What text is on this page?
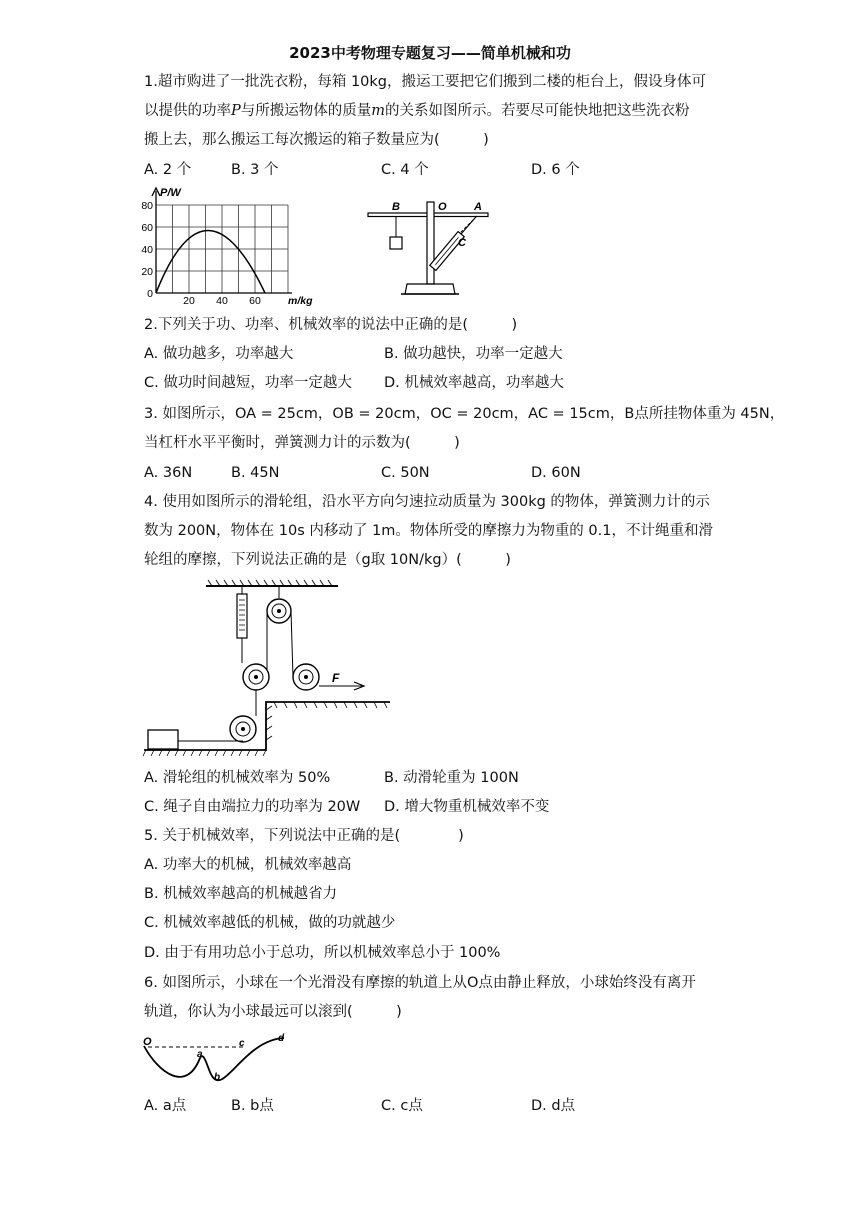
2023中考物理专题复习——简单机械和功
1.超市购进了一批洗衣粉，每箱 10kg，搬运工要把它们搬到二楼的柜台上，假设身体可
以提供的功率P与所搬运物体的质量m的关系如图所示。若要尽可能快地把这些洗衣粉
搬上去，那么搬运工每次搬运的箱子数量应为(　　　)
A. 2 个	B. 3 个	C. 4 个	D. 6 个
P/W
80
60
40
20
0
20 40 60	m/kg
B	O A
C
2.下列关于功、功率、机械效率的说法中正确的是(　　　)
A. 做功越多，功率越大	B. 做功越快，功率一定越大
C. 做功时间越短，功率一定越大 D. 机械效率越高，功率越大
3. 如图所示，OA = 25cm，OB = 20cm，OC = 20cm，AC = 15cm，B点所挂物体重为 45N，
当杠杆水平平衡时，弹簧测力计的示数为(　　　)
A. 36N	B. 45N	C. 50N	D. 60N
4. 使用如图所示的滑轮组，沿水平方向匀速拉动质量为 300kg 的物体，弹簧测力计的示
数为 200N，物体在 10s 内移动了 1m。物体所受的摩擦力为物重的 0.1，不计绳重和滑
轮组的摩擦，下列说法正确的是（g取 10N/kg）(　　　)
F
A. 滑轮组的机械效率为 50%	B. 动滑轮重为 100N
C. 绳子自由端拉力的功率为 20W D. 增大物重机械效率不变
5. 关于机械效率，下列说法中正确的是(　　　　)
A. 功率大的机械，机械效率越高
B. 机械效率越高的机械越省力
C. 机械效率越低的机械，做的功就越少
D. 由于有用功总小于总功，所以机械效率总小于 100%
6. 如图所示，小球在一个光滑没有摩擦的轨道上从O点由静止释放，小球始终没有离开
轨道，你认为小球最远可以滚到(　　　)
O
a
b
c	d
A. a点	B. b点	C. c点	D. d点
